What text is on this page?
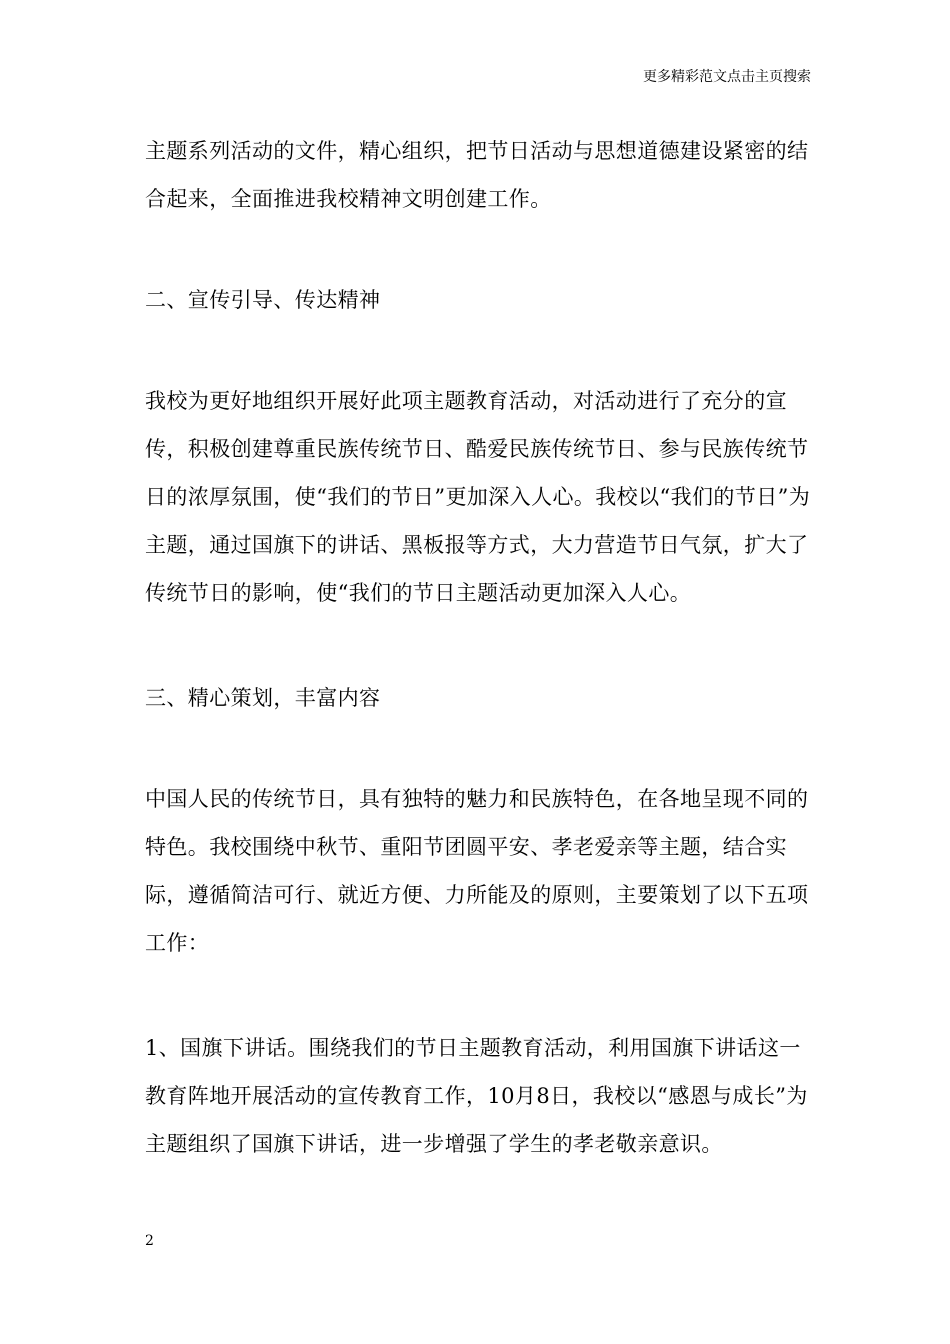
更多精彩范文点击主页搜索
主题系列活动的文件，精心组织，把节日活动与思想道德建设紧密的结合起来，全面推进我校精神文明创建工作。
二、宣传引导、传达精神
我校为更好地组织开展好此项主题教育活动，对活动进行了充分的宣传，积极创建尊重民族传统节日、酷爱民族传统节日、参与民族传统节日的浓厚氛围，使“我们的节日”更加深入人心。我校以“我们的节日”为主题，通过国旗下的讲话、黑板报等方式，大力营造节日气氛，扩大了传统节日的影响，使“我们的节日主题活动更加深入人心。
三、精心策划，丰富内容
中国人民的传统节日，具有独特的魅力和民族特色，在各地呈现不同的特色。我校围绕中秋节、重阳节团圆平安、孝老爱亲等主题，结合实际，遵循简洁可行、就近方便、力所能及的原则，主要策划了以下五项工作：
1、国旗下讲话。围绕我们的节日主题教育活动，利用国旗下讲话这一教育阵地开展活动的宣传教育工作，10月8日，我校以“感恩与成长”为主题组织了国旗下讲话，进一步增强了学生的孝老敬亲意识。
2
